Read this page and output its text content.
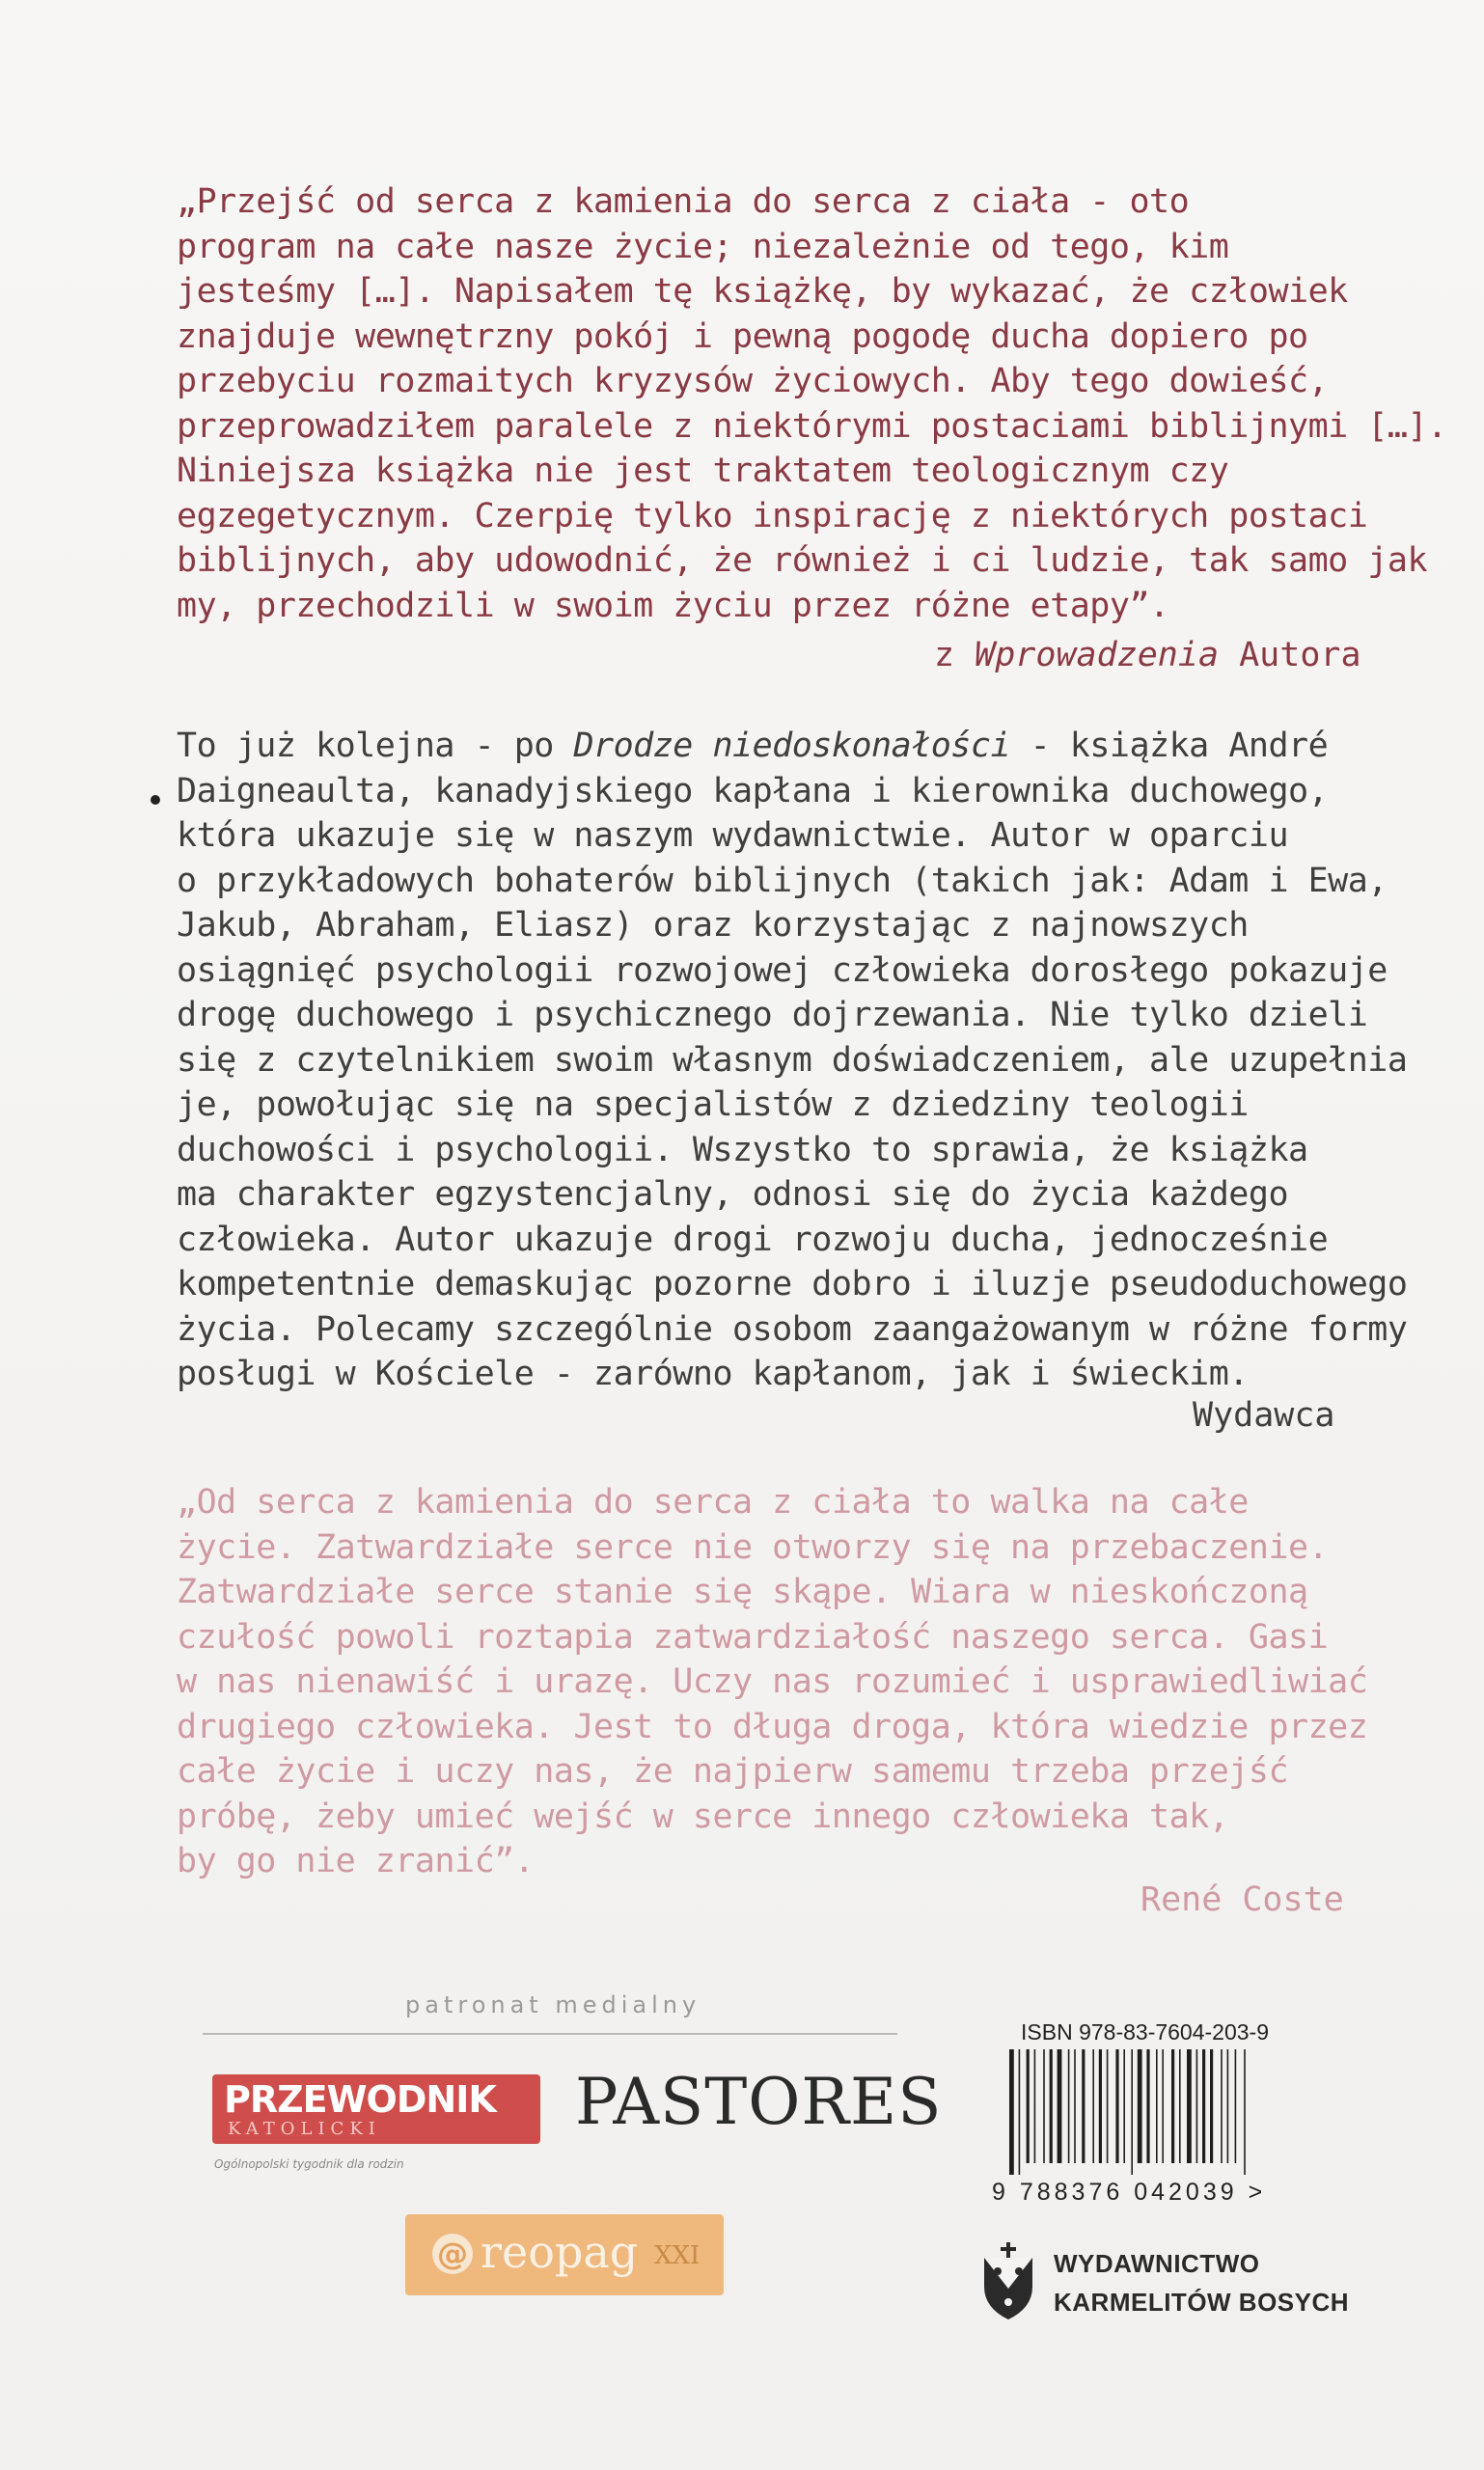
„Przejść od serca z kamienia do serca z ciała - oto
program na całe nasze życie; niezależnie od tego, kim
jesteśmy […]. Napisałem tę książkę, by wykazać, że człowiek
znajduje wewnętrzny pokój i pewną pogodę ducha dopiero po
przebyciu rozmaitych kryzysów życiowych. Aby tego dowieść,
przeprowadziłem paralele z niektórymi postaciami biblijnymi […].
Niniejsza książka nie jest traktatem teologicznym czy
egzegetycznym. Czerpię tylko inspirację z niektórych postaci
biblijnych, aby udowodnić, że również i ci ludzie, tak samo jak
my, przechodzili w swoim życiu przez różne etapy”.
z Wprowadzenia Autora
To już kolejna - po Drodze niedoskonałości - książka André
Daigneaulta, kanadyjskiego kapłana i kierownika duchowego,
która ukazuje się w naszym wydawnictwie. Autor w oparciu
o przykładowych bohaterów biblijnych (takich jak: Adam i Ewa,
Jakub, Abraham, Eliasz) oraz korzystając z najnowszych
osiągnięć psychologii rozwojowej człowieka dorosłego pokazuje
drogę duchowego i psychicznego dojrzewania. Nie tylko dzieli
się z czytelnikiem swoim własnym doświadczeniem, ale uzupełnia
je, powołując się na specjalistów z dziedziny teologii
duchowości i psychologii. Wszystko to sprawia, że książka
ma charakter egzystencjalny, odnosi się do życia każdego
człowieka. Autor ukazuje drogi rozwoju ducha, jednocześnie
kompetentnie demaskując pozorne dobro i iluzje pseudoduchowego
życia. Polecamy szczególnie osobom zaangażowanym w różne formy
posługi w Kościele - zarówno kapłanom, jak i świeckim.
Wydawca
„Od serca z kamienia do serca z ciała to walka na całe
życie. Zatwardziałe serce nie otworzy się na przebaczenie.
Zatwardziałe serce stanie się skąpe. Wiara w nieskończoną
czułość powoli roztapia zatwardziałość naszego serca. Gasi
w nas nienawiść i urazę. Uczy nas rozumieć i usprawiedliwiać
drugiego człowieka. Jest to długa droga, która wiedzie przez
całe życie i uczy nas, że najpierw samemu trzeba przejść
próbę, żeby umieć wejść w serce innego człowieka tak,
by go nie zranić”.
René Coste
patronat medialny
PRZEWODNIK
KATOLICKI
Ogólnopolski tygodnik dla rodzin
PASTORES
@ reopag XXI
ISBN 978-83-7604-203-9
9 788376 042039 >
WYDAWNICTWO
KARMELITÓW BOSYCH
